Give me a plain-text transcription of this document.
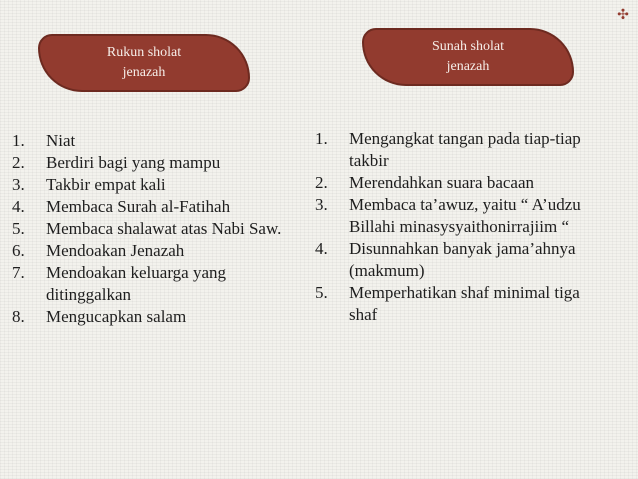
✣
Rukun sholat
jenazah
Sunah sholat
jenazah
1.	Niat
2.	Berdiri bagi yang mampu
3.	Takbir empat kali
4.	Membaca Surah al-Fatihah
5.	Membaca shalawat atas Nabi Saw.
6.	Mendoakan Jenazah
7.	Mendoakan keluarga yang ditinggalkan
8.	Mengucapkan salam
1.	Mengangkat tangan pada tiap-tiap takbir
2.	Merendahkan suara bacaan
3.	Membaca ta’awuz, yaitu “ A’udzu Billahi minasysyaithonirrajiim “
4.	Disunnahkan banyak jama’ahnya (makmum)
5.	Memperhatikan shaf minimal tiga shaf
